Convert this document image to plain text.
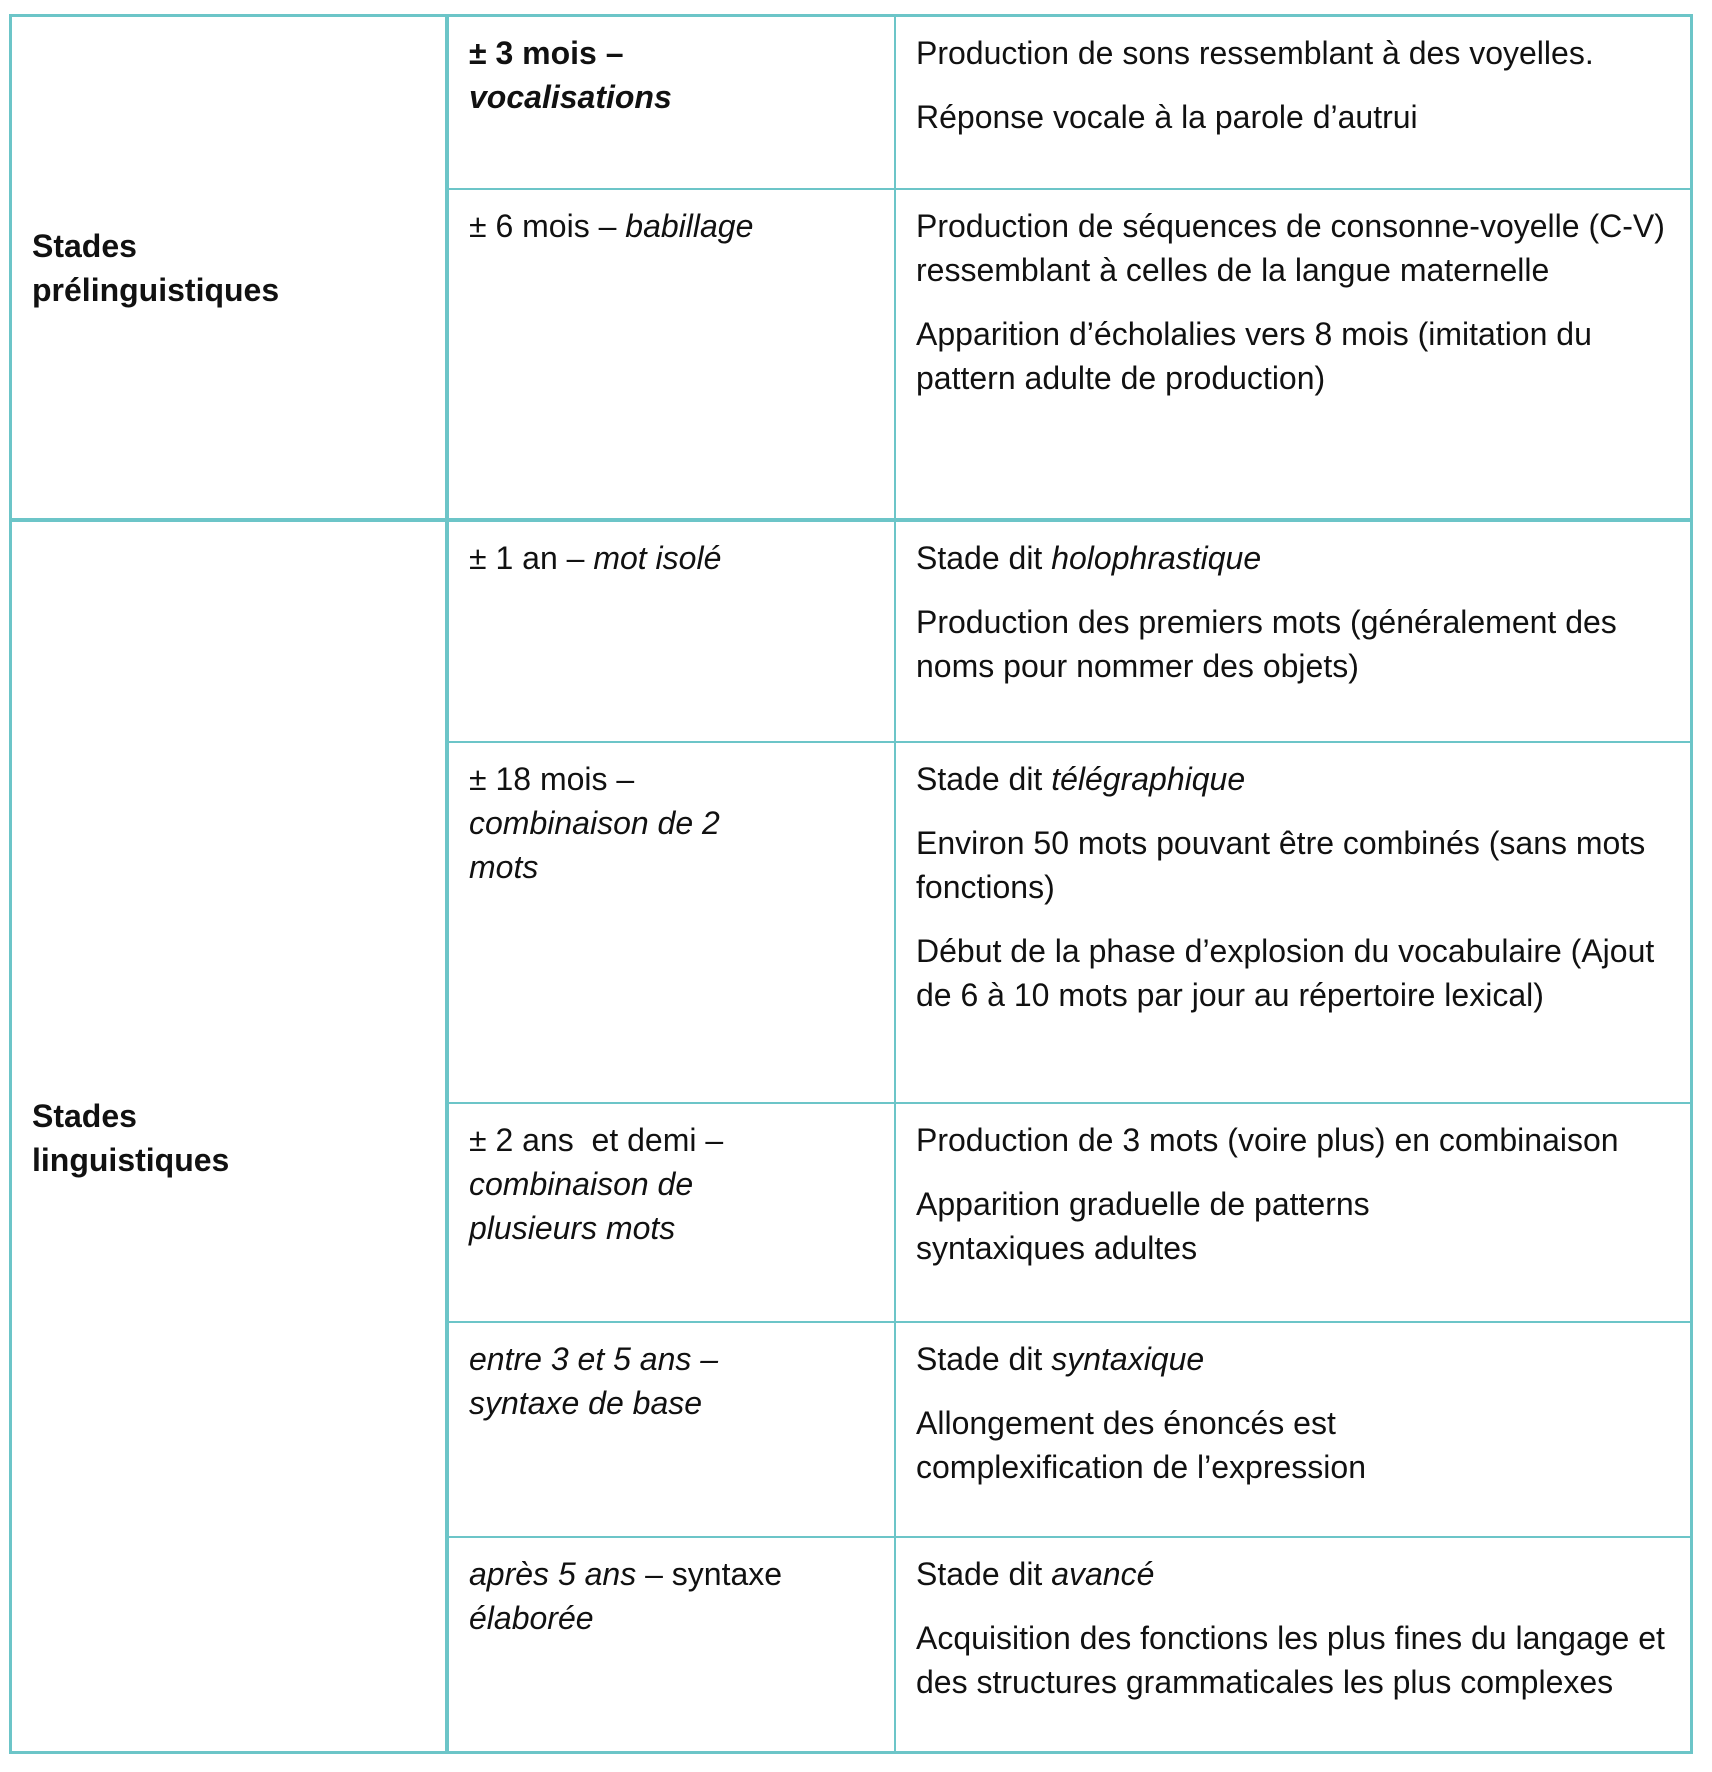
Stades
prélinguistiques
Stades
linguistiques
± 3 mois –
vocalisations

Production de sons ressemblant à des voyelles.

Réponse vocale à la parole d’autrui

± 6 mois – babillage	Production de séquences de consonne-voyelle (C-V) ressemblant à celles de la langue maternelle

Apparition d’écholalies vers 8 mois (imitation du pattern adulte de production)

± 1 an – mot isolé	Stade dit holophrastique

Production des premiers mots (généralement des noms pour nommer des objets)

± 18 mois –
combinaison de 2 mots

Stade dit télégraphique

Environ 50 mots pouvant être combinés (sans mots fonctions)

Début de la phase d’explosion du vocabulaire (Ajout de 6 à 10 mots par jour au répertoire lexical)

± 2 ans  et demi –
combinaison de plusieurs mots

Production de 3 mots (voire plus) en combinaison

Apparition graduelle de patterns syntaxiques adultes

entre 3 et 5 ans –
syntaxe de base

Stade dit syntaxique

Allongement des énoncés est complexification de l’expression

après 5 ans – syntaxe
élaborée

Stade dit avancé

Acquisition des fonctions les plus fines du langage et des structures grammaticales les plus complexes
